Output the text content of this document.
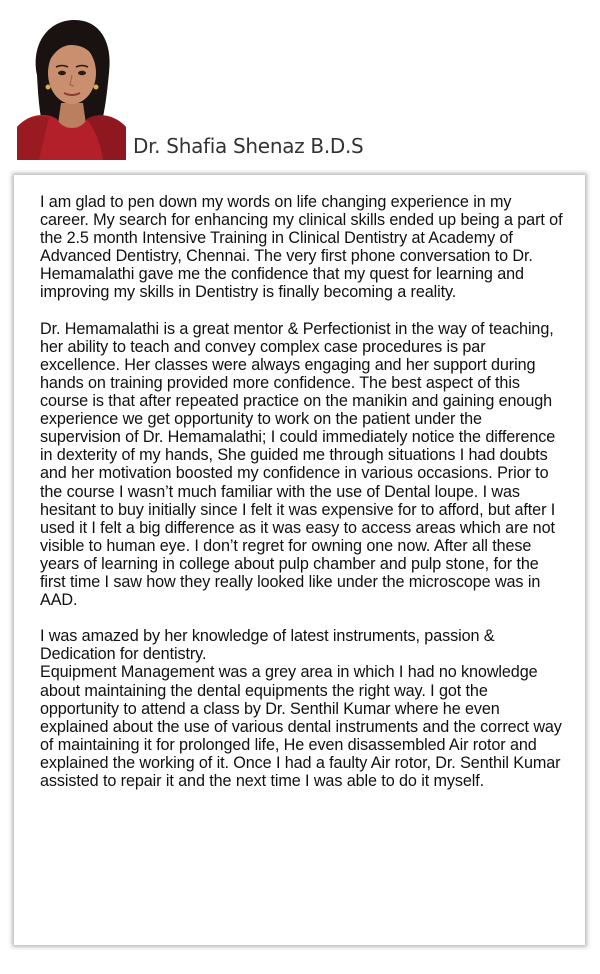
Dr. Shafia Shenaz B.D.S

I am glad to pen down my words on life changing experience in my career. My search for enhancing my clinical skills ended up being a part of the 2.5 month Intensive Training in Clinical Dentistry at Academy of Advanced Dentistry, Chennai. The very first phone conversation to Dr. Hemamalathi gave me the confidence that my quest for learning and improving my skills in Dentistry is finally becoming a reality.

Dr. Hemamalathi is a great mentor & Perfectionist in the way of teaching, her ability to teach and convey complex case procedures is par excellence. Her classes were always engaging and her support during hands on training provided more confidence. The best aspect of this course is that after repeated practice on the manikin and gaining enough experience we get opportunity to work on the patient under the supervision of Dr. Hemamalathi; I could immediately notice the difference in dexterity of my hands, She guided me through situations I had doubts and her motivation boosted my confidence in various occasions. Prior to the course I wasn’t much familiar with the use of Dental loupe. I was hesitant to buy initially since I felt it was expensive for to afford, but after I used it I felt a big difference as it was easy to access areas which are not visible to human eye. I don’t regret for owning one now. After all these years of learning in college about pulp chamber and pulp stone, for the first time I saw how they really looked like under the microscope was in AAD.

I was amazed by her knowledge of latest instruments, passion & Dedication for dentistry.

Equipment Management was a grey area in which I had no knowledge about maintaining the dental equipments the right way. I got the opportunity to attend a class by Dr. Senthil Kumar where he even explained about the use of various dental instruments and the correct way of maintaining it for prolonged life, He even disassembled Air rotor and explained the working of it. Once I had a faulty Air rotor, Dr. Senthil Kumar assisted to repair it and the next time I was able to do it myself.
